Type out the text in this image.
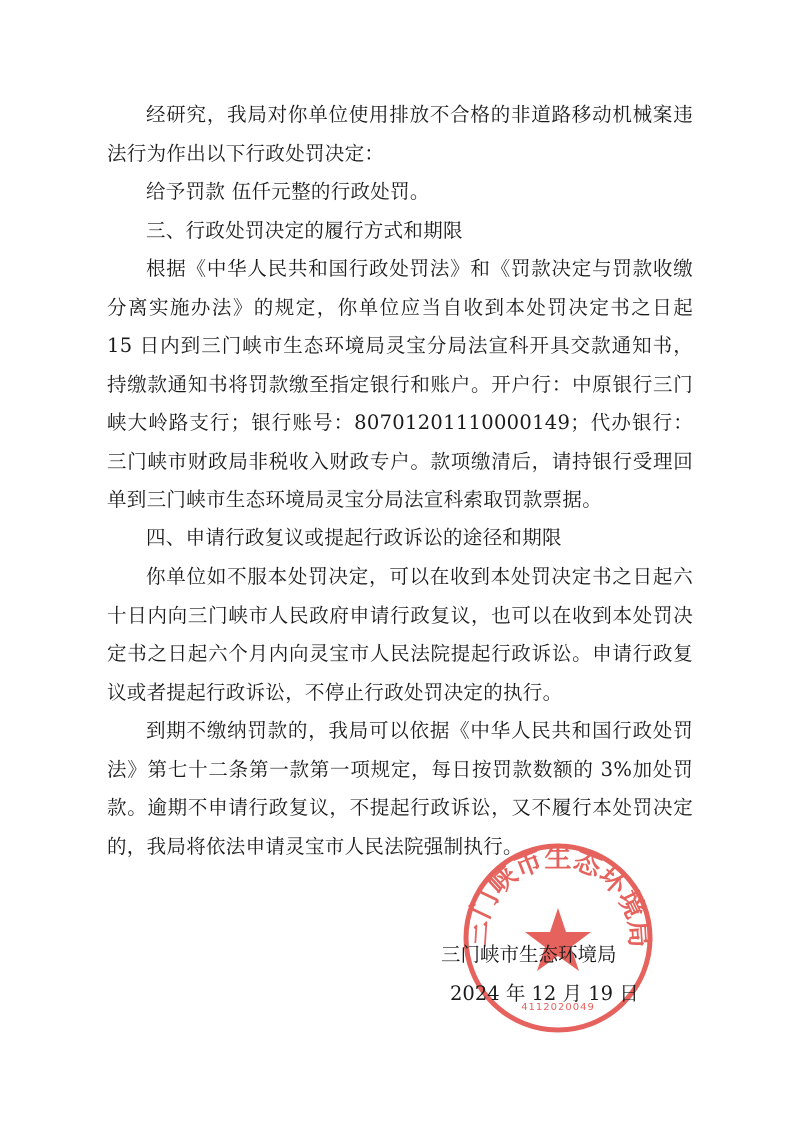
经研究，我局对你单位使用排放不合格的非道路移动机械案违法行为作出以下行政处罚决定：

给予罚款 伍仟元整的行政处罚。

三、行政处罚决定的履行方式和期限

根据《中华人民共和国行政处罚法》和《罚款决定与罚款收缴分离实施办法》的规定，你单位应当自收到本处罚决定书之日起 15 日内到三门峡市生态环境局灵宝分局法宣科开具交款通知书，持缴款通知书将罚款缴至指定银行和账户。开户行：中原银行三门峡大岭路支行；银行账号：80701201110000149；代办银行：三门峡市财政局非税收入财政专户。款项缴清后，请持银行受理回单到三门峡市生态环境局灵宝分局法宣科索取罚款票据。

四、申请行政复议或提起行政诉讼的途径和期限

你单位如不服本处罚决定，可以在收到本处罚决定书之日起六十日内向三门峡市人民政府申请行政复议，也可以在收到本处罚决定书之日起六个月内向灵宝市人民法院提起行政诉讼。申请行政复议或者提起行政诉讼，不停止行政处罚决定的执行。

到期不缴纳罚款的，我局可以依据《中华人民共和国行政处罚法》第七十二条第一款第一项规定，每日按罚款数额的 3%加处罚款。逾期不申请行政复议，不提起行政诉讼，又不履行本处罚决定的，我局将依法申请灵宝市人民法院强制执行。

三门峡市生态环境局
4112020049
三门峡市生态环境局
2024 年 12 月 19 日
